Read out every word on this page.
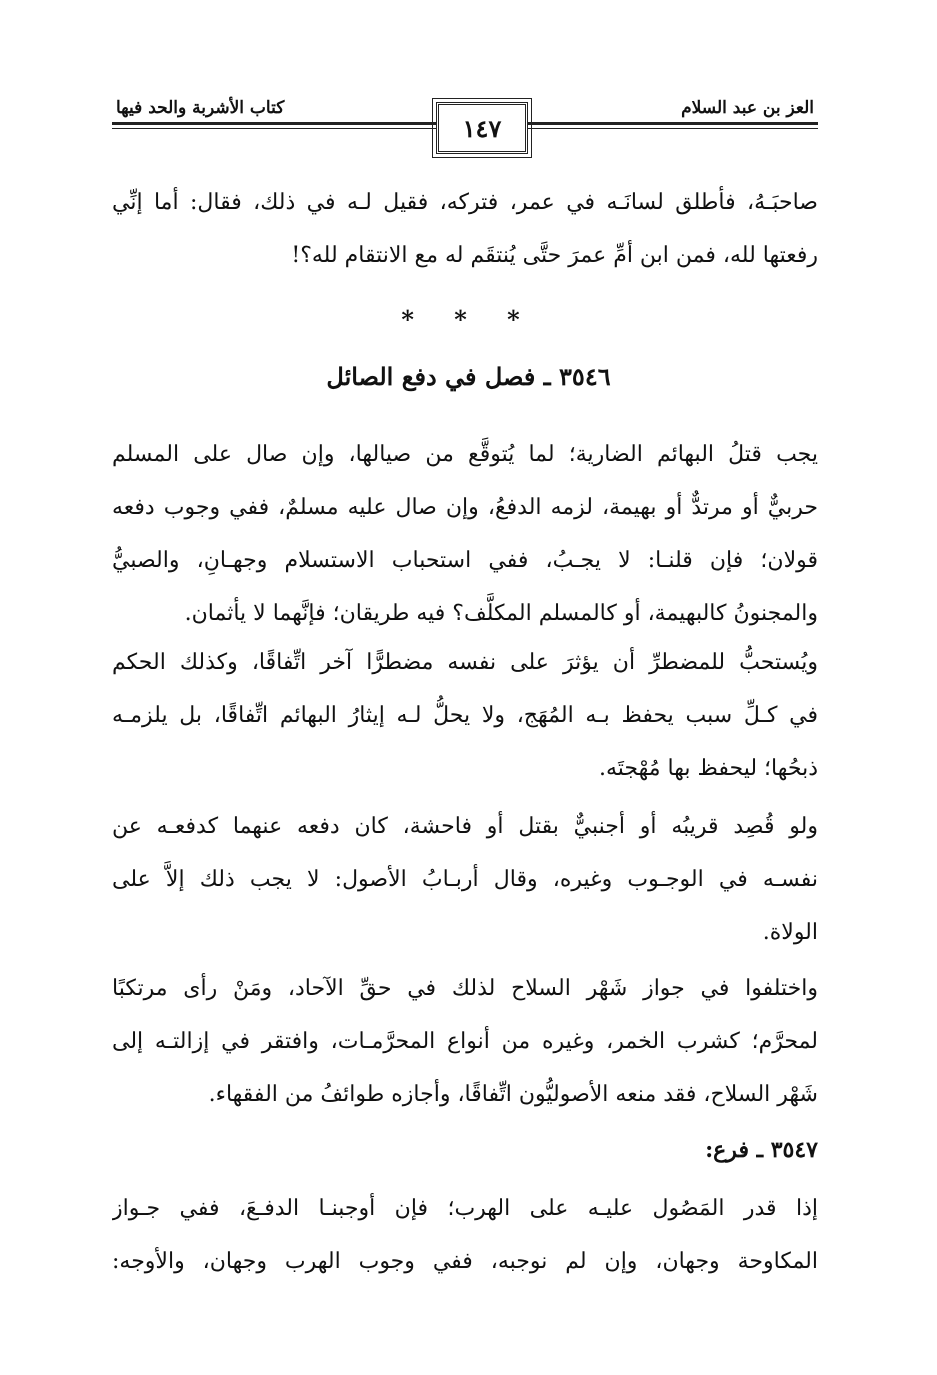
العز بن عبد السلام
كتاب الأشربة والحد فيها
١٤٧
صاحبَـهُ، فأطلق لسانَـه في عمر، فتركه، فقيل لـه في ذلك، فقال: أما إنِّي
رفعتها لله، فمن ابن أمِّ عمرَ حتَّى يُنتقَم له مع الانتقام لله؟!
* * *
٣٥٤٦ ـ فصل في دفع الصائل
يجب قتلُ البهائم الضارية؛ لما يُتوقَّع من صيالها، وإن صال على المسلم
حربيٌّ أو مرتدٌّ أو بهيمة، لزمه الدفعُ، وإن صال عليه مسلمٌ، ففي وجوب دفعه
قولان؛ فإن قلنـا: لا يجـبُ، ففي استحباب الاستسلام وجهـانِ، والصبيُّ
والمجنونُ كالبهيمة، أو كالمسلم المكلَّف؟ فيه طريقان؛ فإنَّهما لا يأثمان.
ويُستحبُّ للمضطرِّ أن يؤثرَ على نفسه مضطرًّا آخر اتِّفاقًا، وكذلك الحكم
في كـلِّ سبب يحفظ بـه المُهَج، ولا يحلُّ لـه إيثارُ البهائم اتِّفاقًا، بل يلزمـه
ذبحُها؛ ليحفظ بها مُهْجتَه.
ولو قُصِد قريبُه أو أجنبيٌّ بقتل أو فاحشة، كان دفعه عنهما كدفعـه عن
نفسـه في الوجـوب وغيره، وقال أربـابُ الأصول: لا يجب ذلك إلاَّ على
الولاة.
واختلفوا في جواز شَهْر السلاح لذلك في حقِّ الآحاد، ومَنْ رأى مرتكبًا
لمحرَّم؛ كشرب الخمر، وغيره من أنواع المحرَّمـات، وافتقر في إزالتـه إلى
شَهْر السلاح، فقد منعه الأصوليُّون اتِّفاقًا، وأجازه طوائفُ من الفقهاء.
٣٥٤٧ ـ فرع:
إذا قدر المَصُول عليـه على الهرب؛ فإن أوجبنـا الدفـعَ، ففي جـواز
المكاوحة وجهان، وإن لم نوجبه، ففي وجوب الهرب وجهان، والأوجه:
